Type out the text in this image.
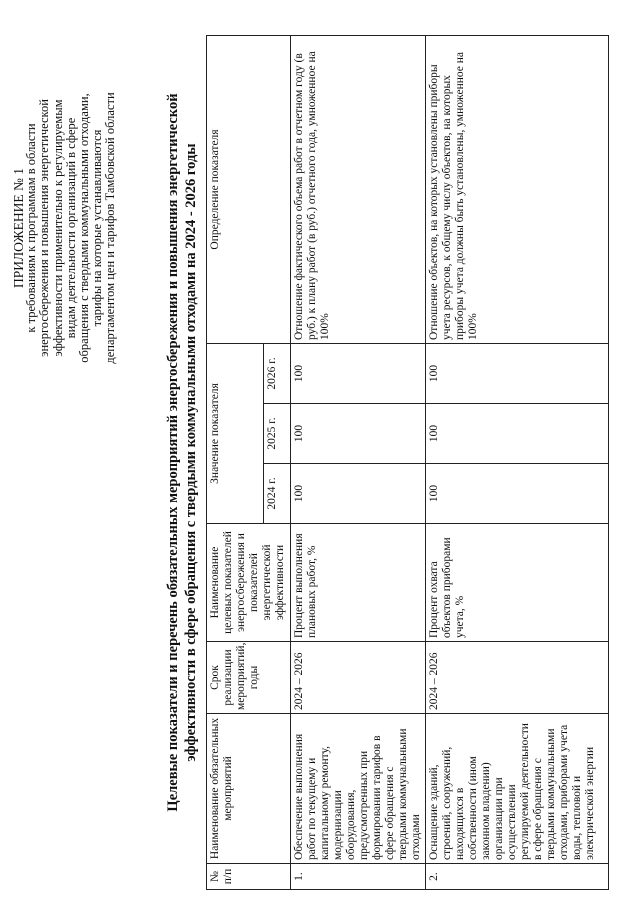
ПРИЛОЖЕНИЕ № 1
к требованиям к программам в области энергосбережения и повышения энергетической эффективности применительно к регулируемым видам деятельности организаций в сфере обращения с твердыми коммунальными отходами, тарифы на которые устанавливаются департаментом цен и тарифов Тамбовской области	Целевые показатели и перечень обязательных мероприятий энергосбережения и повышения энергетической эффективности в сфере обращения с твердыми коммунальными отходами на 2024 - 2026 годы
№ п/п	Наименование обязательных мероприятий	Срок реализации мероприятий, годы	Наименование целевых показателей энергосбережения и показателей энергетической эффективности	Значение показателя			Определение показателя
				2024 г.	2025 г.	2026 г.	
1.	Обеспечение выполнения работ по текущему и капитальному ремонту, модернизации оборудования, предусмотренных при формировании тарифов в сфере обращения с твердыми коммунальными отходами	2024 – 2026	Процент выполнения плановых работ, %	100	100	100	Отношение фактического объема работ в отчетном году (в руб.) к плану работ (в руб.) отчетного года, умноженное на 100%
2.	Оснащение зданий, строений, сооружений, находящихся в собственности (ином законном владении) организации при осуществлении регулируемой деятельности в сфере обращения с твердыми коммунальными отходами, приборами учета воды, тепловой и электрической энергии	2024 – 2026	Процент охвата объектов приборами учета, %	100	100	100	Отношение объектов, на которых установлены приборы учета ресурсов, к общему числу объектов, на которых приборы учета должны быть установлены, умноженное на 100%
